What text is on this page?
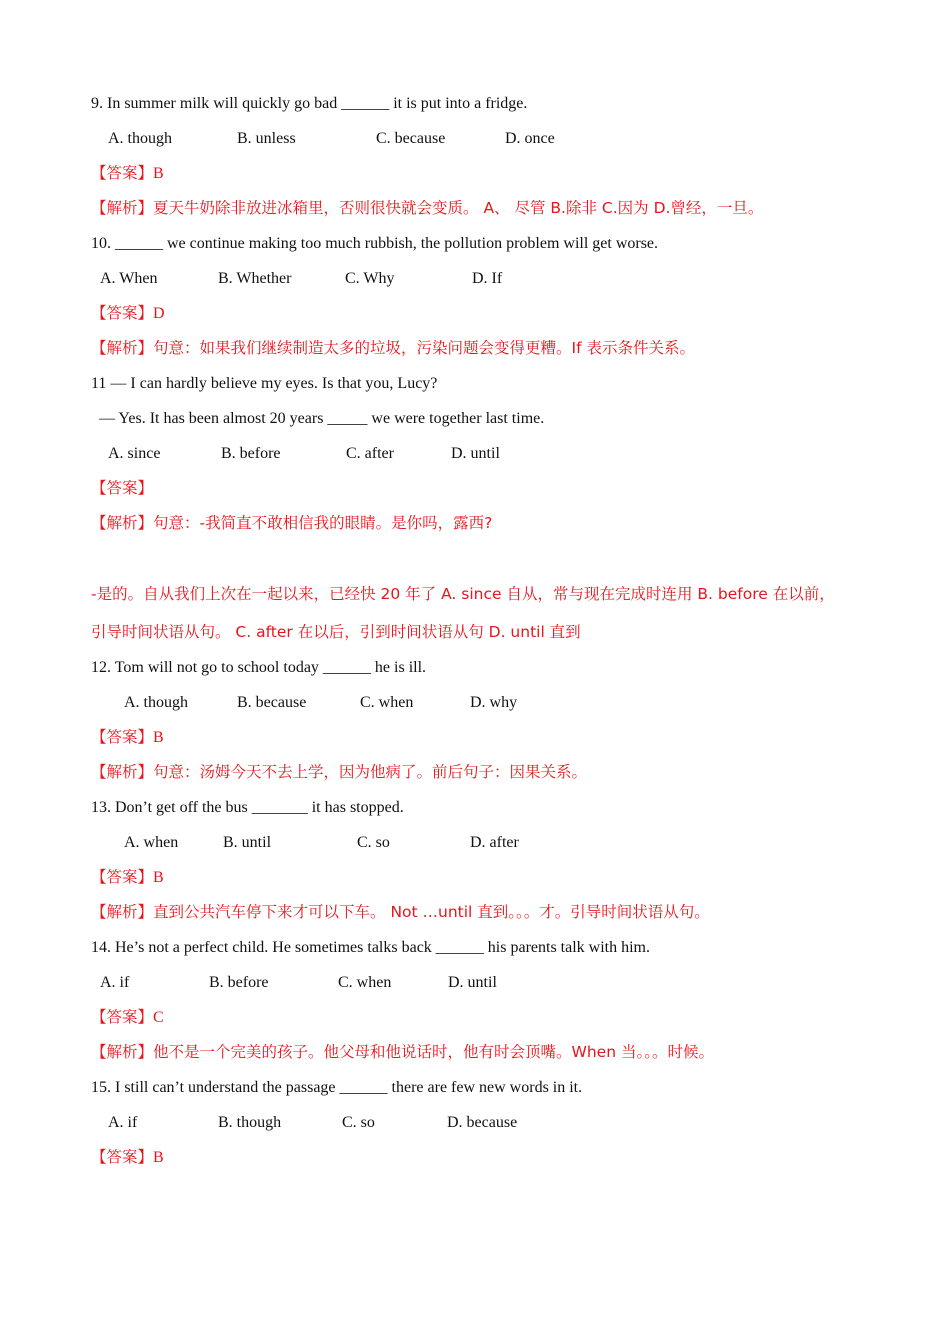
9. In summer milk will quickly go bad ______ it is put into a fridge.
A. though	B. unless	C. because	D. once
【答案】B
【解析】夏天牛奶除非放进冰箱里，否则很快就会变质。 A、 尽管 B.除非 C.因为 D.曾经，一旦。
10. ______ we continue making too much rubbish, the pollution problem will get worse.
A. When	B. Whether	C. Why	D. If
【答案】D
【解析】句意：如果我们继续制造太多的垃圾，污染问题会变得更糟。If 表示条件关系。
11 — I can hardly believe my eyes. Is that you, Lucy?
— Yes. It has been almost 20 years _____ we were together last time.
A. since	B. before	C. after	D. until
【答案】
【解析】句意：-我简直不敢相信我的眼睛。是你吗，露西?
-是的。自从我们上次在一起以来，已经快 20 年了 A. since 自从，常与现在完成时连用 B. before 在以前，
引导时间状语从句。 C. after 在以后，引到时间状语从句 D. until 直到
12. Tom will not go to school today ______ he is ill.
A. though	B. because	C. when	D. why
【答案】B
【解析】句意：汤姆今天不去上学，因为他病了。前后句子：因果关系。
13. Don’t get off the bus _______ it has stopped.
A. when	B. until	C. so	D. after
【答案】B
【解析】直到公共汽车停下来才可以下车。 Not …until 直到。。。才。引导时间状语从句。
14. He’s not a perfect child. He sometimes talks back ______ his parents talk with him.
A. if	B. before	C. when	D. until
【答案】C
【解析】他不是一个完美的孩子。他父母和他说话时，他有时会顶嘴。When 当。。。时候。
15. I still can’t understand the passage ______ there are few new words in it.
A. if	B. though	C. so	D. because
【答案】B
